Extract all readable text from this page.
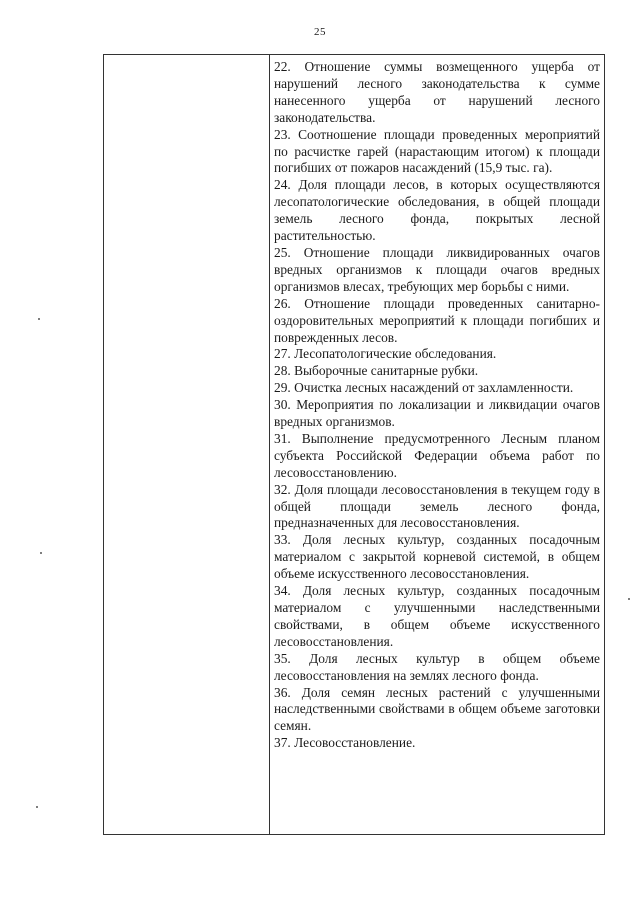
25

22. Отношение суммы возмещенного ущерба от нарушений лесного законодательства к сумме нанесенного ущерба от нарушений лесного законодательства.

23. Соотношение площади проведенных мероприятий по расчистке гарей (нарастающим итогом) к площади погибших от пожаров насаждений (15,9 тыс. га).

24. Доля площади лесов, в которых осуществляются лесопатологические обследования, в общей площади земель лесного фонда, покрытых лесной растительностью.

25. Отношение площади ликвидированных очагов вредных организмов к площади очагов вредных организмов влесах, требующих мер борьбы с ними.

26. Отношение площади проведенных санитарно-оздоровительных мероприятий к площади погибших и поврежденных лесов.

27. Лесопатологические обследования.

28. Выборочные санитарные рубки.

29. Очистка лесных насаждений от захламленности.

30. Мероприятия по локализации и ликвидации очагов вредных организмов.

31. Выполнение предусмотренного Лесным планом субъекта Российской Федерации объема работ по лесовосстановлению.

32. Доля площади лесовосстановления в текущем году в общей площади земель лесного фонда, предназначенных для лесовосстановления.

33. Доля лесных культур, созданных посадочным материалом с закрытой корневой системой, в общем объеме искусственного лесовосстановления.

34. Доля лесных культур, созданных посадочным материалом с улучшенными наследственными свойствами, в общем объеме искусственного лесовосстановления.

35. Доля лесных культур в общем объеме лесовосстановления на землях лесного фонда.

36. Доля семян лесных растений с улучшенными наследственными свойствами в общем объеме заготовки семян.

37. Лесовосстановление.
